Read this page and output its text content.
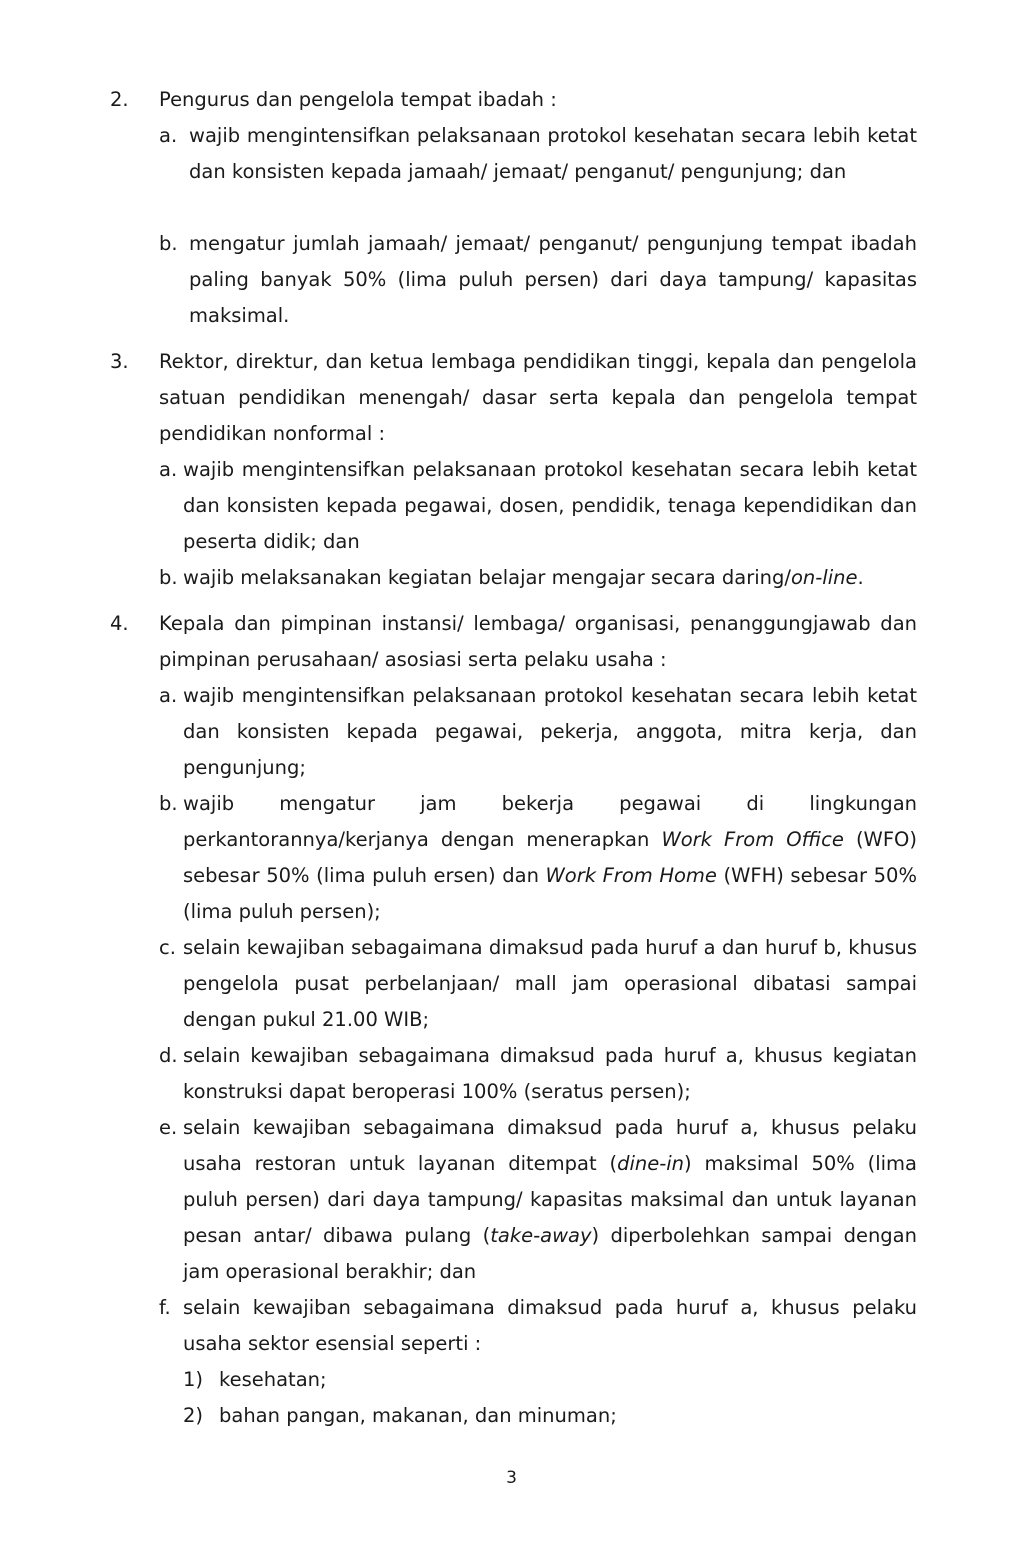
2. Pengurus dan pengelola tempat ibadah :
a. wajib mengintensifkan pelaksanaan protokol kesehatan secara lebih ketat dan konsisten kepada jamaah/ jemaat/ penganut/ pengunjung; dan
b. mengatur jumlah jamaah/ jemaat/ penganut/ pengunjung tempat ibadah paling banyak 50% (lima puluh persen) dari daya tampung/ kapasitas maksimal.
3. Rektor, direktur, dan ketua lembaga pendidikan tinggi, kepala dan pengelola satuan pendidikan menengah/ dasar serta kepala dan pengelola tempat pendidikan nonformal :
a. wajib mengintensifkan pelaksanaan protokol kesehatan secara lebih ketat dan konsisten kepada pegawai, dosen, pendidik, tenaga kependidikan dan peserta didik; dan
b. wajib melaksanakan kegiatan belajar mengajar secara daring/on-line.
4. Kepala dan pimpinan instansi/ lembaga/ organisasi, penanggungjawab dan pimpinan perusahaan/ asosiasi serta pelaku usaha :
a. wajib mengintensifkan pelaksanaan protokol kesehatan secara lebih ketat dan konsisten kepada pegawai, pekerja, anggota, mitra kerja, dan pengunjung;
b. wajib mengatur jam bekerja pegawai di lingkungan perkantorannya/kerjanya dengan menerapkan Work From Office (WFO) sebesar 50% (lima puluh ersen) dan Work From Home (WFH) sebesar 50% (lima puluh persen);
c. selain kewajiban sebagaimana dimaksud pada huruf a dan huruf b, khusus pengelola pusat perbelanjaan/ mall jam operasional dibatasi sampai dengan pukul 21.00 WIB;
d. selain kewajiban sebagaimana dimaksud pada huruf a, khusus kegiatan konstruksi dapat beroperasi 100% (seratus persen);
e. selain kewajiban sebagaimana dimaksud pada huruf a, khusus pelaku usaha restoran untuk layanan ditempat (dine-in) maksimal 50% (lima puluh persen) dari daya tampung/ kapasitas maksimal dan untuk layanan pesan antar/ dibawa pulang (take-away) diperbolehkan sampai dengan jam operasional berakhir; dan
f. selain kewajiban sebagaimana dimaksud pada huruf a, khusus pelaku usaha sektor esensial seperti :
1) kesehatan;
2) bahan pangan, makanan, dan minuman;
3
